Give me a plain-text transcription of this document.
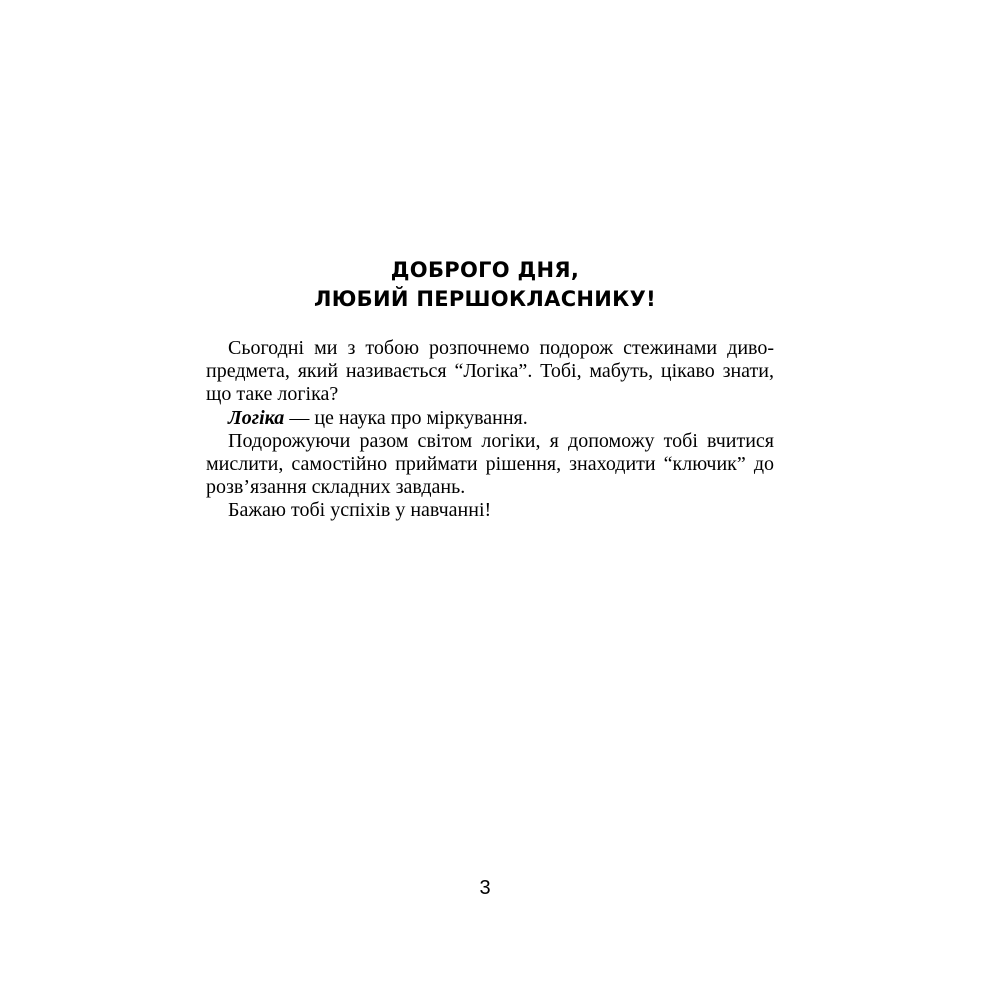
ДОБРОГО ДНЯ,
ЛЮБИЙ ПЕРШОКЛАСНИКУ!

Сьогодні ми з тобою розпочнемо подорож стежинами диво-предмета, який називається “Логіка”. Тобі, мабуть, цікаво знати, що таке логіка?

Логіка — це наука про міркування.

Подорожуючи разом світом логіки, я допоможу тобі вчитися мислити, самостійно приймати рішення, знаходити “ключик” до розв’язання складних завдань.

Бажаю тобі успіхів у навчанні!

3
